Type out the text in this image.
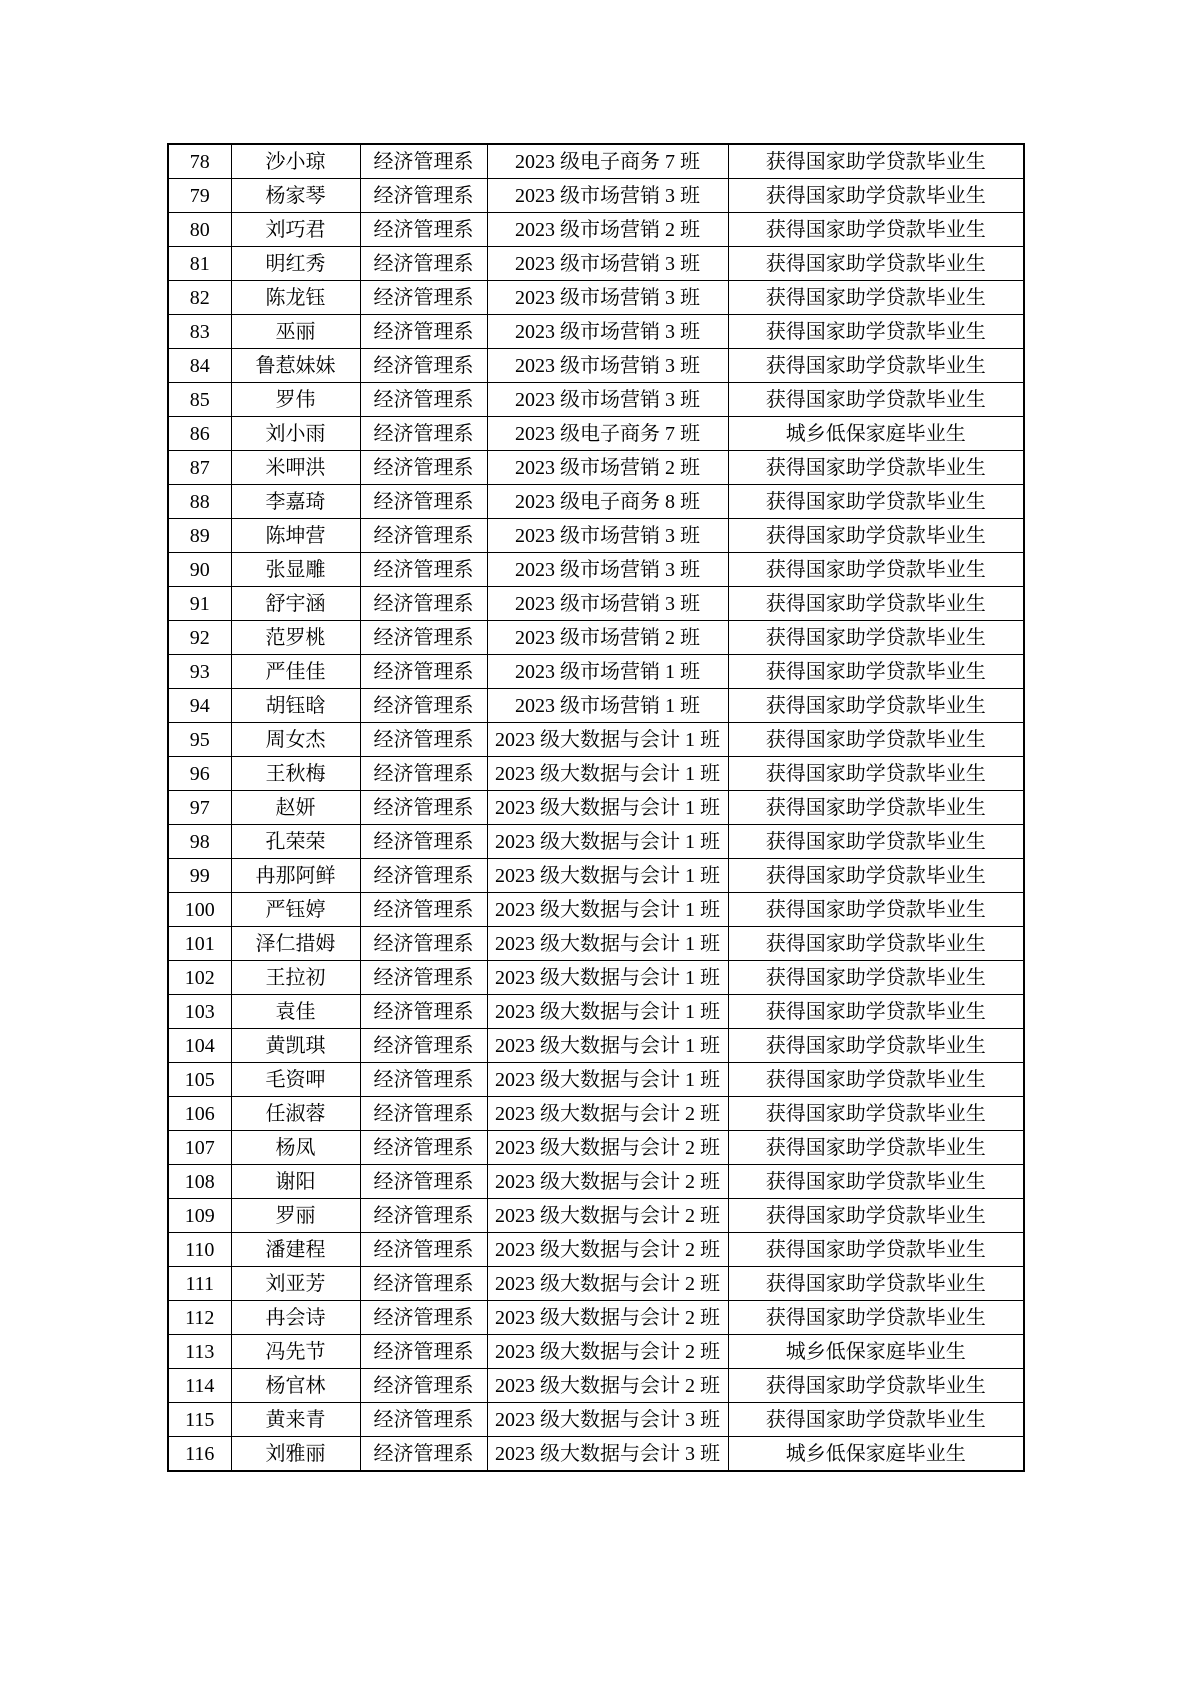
78	沙小琼	经济管理系	2023 级电子商务 7 班	获得国家助学贷款毕业生
79	杨家琴	经济管理系	2023 级市场营销 3 班	获得国家助学贷款毕业生
80	刘巧君	经济管理系	2023 级市场营销 2 班	获得国家助学贷款毕业生
81	明红秀	经济管理系	2023 级市场营销 3 班	获得国家助学贷款毕业生
82	陈龙钰	经济管理系	2023 级市场营销 3 班	获得国家助学贷款毕业生
83	巫丽	经济管理系	2023 级市场营销 3 班	获得国家助学贷款毕业生
84	鲁惹妹妹	经济管理系	2023 级市场营销 3 班	获得国家助学贷款毕业生
85	罗伟	经济管理系	2023 级市场营销 3 班	获得国家助学贷款毕业生
86	刘小雨	经济管理系	2023 级电子商务 7 班	城乡低保家庭毕业生
87	米呷洪	经济管理系	2023 级市场营销 2 班	获得国家助学贷款毕业生
88	李嘉琦	经济管理系	2023 级电子商务 8 班	获得国家助学贷款毕业生
89	陈坤营	经济管理系	2023 级市场营销 3 班	获得国家助学贷款毕业生
90	张显雕	经济管理系	2023 级市场营销 3 班	获得国家助学贷款毕业生
91	舒宇涵	经济管理系	2023 级市场营销 3 班	获得国家助学贷款毕业生
92	范罗桃	经济管理系	2023 级市场营销 2 班	获得国家助学贷款毕业生
93	严佳佳	经济管理系	2023 级市场营销 1 班	获得国家助学贷款毕业生
94	胡钰晗	经济管理系	2023 级市场营销 1 班	获得国家助学贷款毕业生
95	周女杰	经济管理系	2023 级大数据与会计 1 班	获得国家助学贷款毕业生
96	王秋梅	经济管理系	2023 级大数据与会计 1 班	获得国家助学贷款毕业生
97	赵妍	经济管理系	2023 级大数据与会计 1 班	获得国家助学贷款毕业生
98	孔荣荣	经济管理系	2023 级大数据与会计 1 班	获得国家助学贷款毕业生
99	冉那阿鲜	经济管理系	2023 级大数据与会计 1 班	获得国家助学贷款毕业生
100	严钰婷	经济管理系	2023 级大数据与会计 1 班	获得国家助学贷款毕业生
101	泽仁措姆	经济管理系	2023 级大数据与会计 1 班	获得国家助学贷款毕业生
102	王拉初	经济管理系	2023 级大数据与会计 1 班	获得国家助学贷款毕业生
103	袁佳	经济管理系	2023 级大数据与会计 1 班	获得国家助学贷款毕业生
104	黄凯琪	经济管理系	2023 级大数据与会计 1 班	获得国家助学贷款毕业生
105	毛资呷	经济管理系	2023 级大数据与会计 1 班	获得国家助学贷款毕业生
106	任淑蓉	经济管理系	2023 级大数据与会计 2 班	获得国家助学贷款毕业生
107	杨凤	经济管理系	2023 级大数据与会计 2 班	获得国家助学贷款毕业生
108	谢阳	经济管理系	2023 级大数据与会计 2 班	获得国家助学贷款毕业生
109	罗丽	经济管理系	2023 级大数据与会计 2 班	获得国家助学贷款毕业生
110	潘建程	经济管理系	2023 级大数据与会计 2 班	获得国家助学贷款毕业生
111	刘亚芳	经济管理系	2023 级大数据与会计 2 班	获得国家助学贷款毕业生
112	冉会诗	经济管理系	2023 级大数据与会计 2 班	获得国家助学贷款毕业生
113	冯先节	经济管理系	2023 级大数据与会计 2 班	城乡低保家庭毕业生
114	杨官林	经济管理系	2023 级大数据与会计 2 班	获得国家助学贷款毕业生
115	黄来青	经济管理系	2023 级大数据与会计 3 班	获得国家助学贷款毕业生
116	刘雅丽	经济管理系	2023 级大数据与会计 3 班	城乡低保家庭毕业生
